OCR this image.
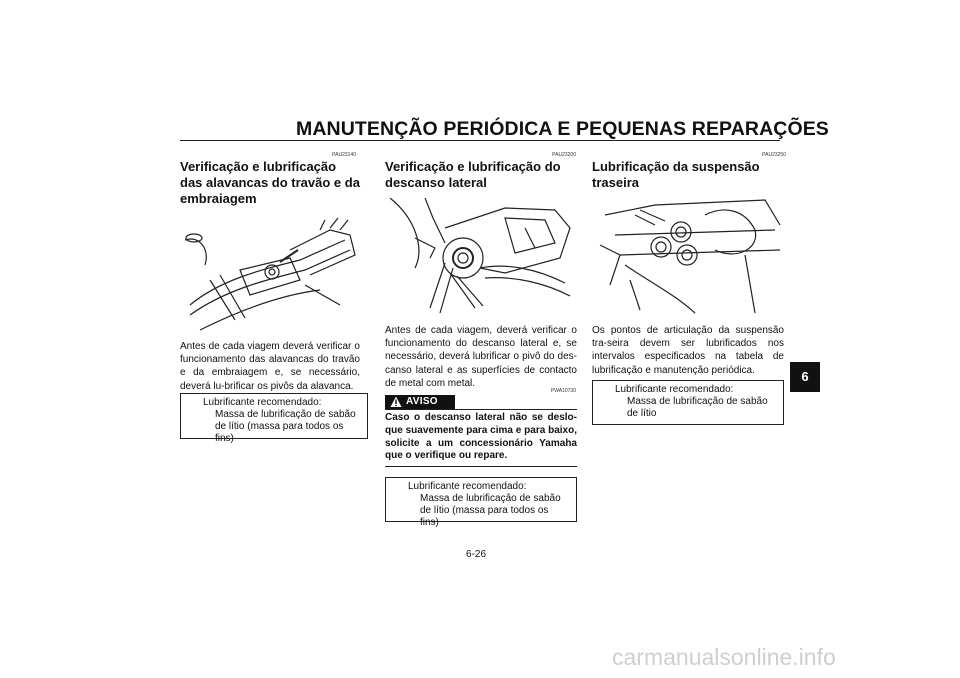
MANUTENÇÃO PERIÓDICA E PEQUENAS REPARAÇÕES
PAU23140
Verificação e lubrificação das alavancas do travão e da embraiagem
Antes de cada viagem deverá verificar o funcionamento das alavancas do travão e da embraiagem e, se necessário, deverá lu-brificar os pivôs da alavanca.
Lubrificante recomendado:
Massa de lubrificação de sabão de lítio (massa para todos os fins)
PAU23200
Verificação e lubrificação do descanso lateral
Antes de cada viagem, deverá verificar o funcionamento do descanso lateral e, se necessário, deverá lubrificar o pivô do des-canso lateral e as superfícies de contacto de metal com metal.
PWA10730
AVISO
Caso o descanso lateral não se deslo-que suavemente para cima e para baixo, solicite a um concessionário Yamaha que o verifique ou repare.
Lubrificante recomendado:
Massa de lubrificação de sabão de lítio (massa para todos os fins)
PAU23250
Lubrificação da suspensão traseira
Os pontos de articulação da suspensão tra-seira devem ser lubrificados nos intervalos especificados na tabela de lubrificação e manutenção periódica.
Lubrificante recomendado:
Massa de lubrificação de sabão de lítio
6
6-26
carmanualsonline.info
